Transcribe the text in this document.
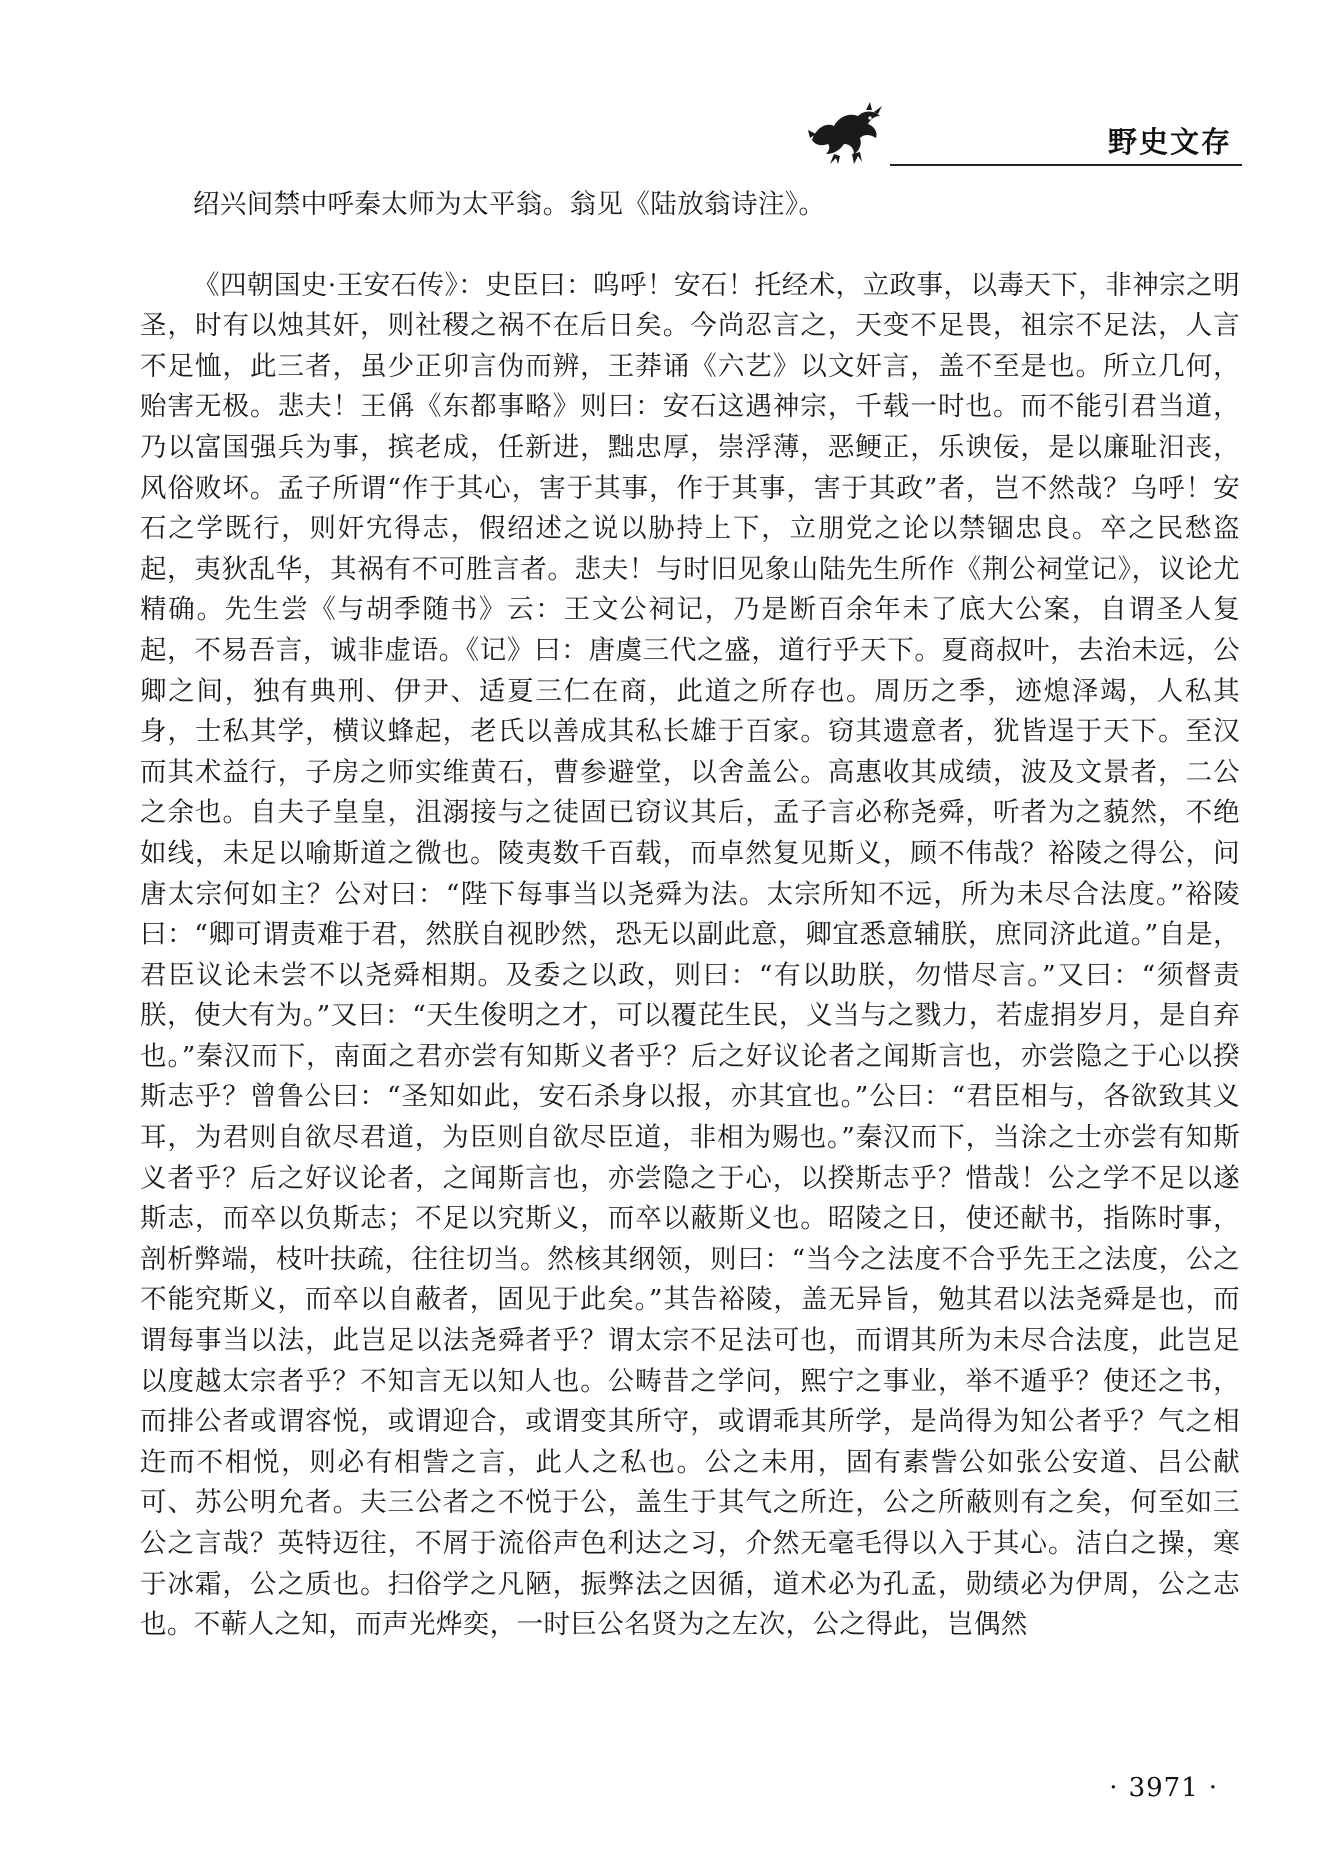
野史文存

绍兴间禁中呼秦太师为太平翁。翁见《陆放翁诗注》。

《四朝国史·王安石传》：史臣曰：呜呼！安石！托经术，立政事，以毒天下，非神宗之明圣，时有以烛其奸，则社稷之祸不在后日矣。今尚忍言之，天变不足畏，祖宗不足法，人言不足恤，此三者，虽少正卯言伪而辨，王莽诵《六艺》以文奸言，盖不至是也。所立几何，贻害无极。悲夫！王偁《东都事略》则曰：安石这遇神宗，千载一时也。而不能引君当道，乃以富国强兵为事，摈老成，任新进，黜忠厚，崇浮薄，恶鲠正，乐谀佞，是以廉耻汨丧，风俗败坏。孟子所谓“作于其心，害于其事，作于其事，害于其政”者，岂不然哉？乌呼！安石之学既行，则奸宄得志，假绍述之说以胁持上下，立朋党之论以禁锢忠良。卒之民愁盗起，夷狄乱华，其祸有不可胜言者。悲夫！与时旧见象山陆先生所作《荆公祠堂记》，议论尤精确。先生尝《与胡季随书》云：王文公祠记，乃是断百余年未了底大公案，自谓圣人复起，不易吾言，诚非虚语。《记》曰：唐虞三代之盛，道行乎天下。夏商叔叶，去治未远，公卿之间，独有典刑、伊尹、适夏三仁在商，此道之所存也。周历之季，迹熄泽竭，人私其身，士私其学，横议蜂起，老氏以善成其私长雄于百家。窃其遗意者，犹皆逞于天下。至汉而其术益行，子房之师实维黄石，曹参避堂，以舍盖公。高惠收其成绩，波及文景者，二公之余也。自夫子皇皇，沮溺接与之徒固已窃议其后，孟子言必称尧舜，听者为之藐然，不绝如线，未足以喻斯道之微也。陵夷数千百载，而卓然复见斯义，顾不伟哉？裕陵之得公，问唐太宗何如主？公对曰：“陛下每事当以尧舜为法。太宗所知不远，所为未尽合法度。”裕陵曰：“卿可谓责难于君，然朕自视眇然，恐无以副此意，卿宜悉意辅朕，庶同济此道。”自是，君臣议论未尝不以尧舜相期。及委之以政，则曰：“有以助朕，勿惜尽言。”又曰：“须督责朕，使大有为。”又曰：“天生俊明之才，可以覆芘生民，义当与之戮力，若虚捐岁月，是自弃也。”秦汉而下，南面之君亦尝有知斯义者乎？后之好议论者之闻斯言也，亦尝隐之于心以揆斯志乎？曾鲁公曰：“圣知如此，安石杀身以报，亦其宜也。”公曰：“君臣相与，各欲致其义耳，为君则自欲尽君道，为臣则自欲尽臣道，非相为赐也。”秦汉而下，当涂之士亦尝有知斯义者乎？后之好议论者，之闻斯言也，亦尝隐之于心，以揆斯志乎？惜哉！公之学不足以遂斯志，而卒以负斯志；不足以究斯义，而卒以蔽斯义也。昭陵之日，使还献书，指陈时事，剖析弊端，枝叶扶疏，往往切当。然核其纲领，则曰：“当今之法度不合乎先王之法度，公之不能究斯义，而卒以自蔽者，固见于此矣。”其告裕陵，盖无异旨，勉其君以法尧舜是也，而谓每事当以法，此岂足以法尧舜者乎？谓太宗不足法可也，而谓其所为未尽合法度，此岂足以度越太宗者乎？不知言无以知人也。公畴昔之学问，熙宁之事业，举不遁乎？使还之书，而排公者或谓容悦，或谓迎合，或谓变其所守，或谓乖其所学，是尚得为知公者乎？气之相迕而不相悦，则必有相訾之言，此人之私也。公之未用，固有素訾公如张公安道、吕公献可、苏公明允者。夫三公者之不悦于公，盖生于其气之所迕，公之所蔽则有之矣，何至如三公之言哉？英特迈往，不屑于流俗声色利达之习，介然无毫毛得以入于其心。洁白之操，寒于冰霜，公之质也。扫俗学之凡陋，振弊法之因循，道术必为孔孟，勋绩必为伊周，公之志也。不蕲人之知，而声光烨奕，一时巨公名贤为之左次，公之得此，岂偶然

· 3971 ·
